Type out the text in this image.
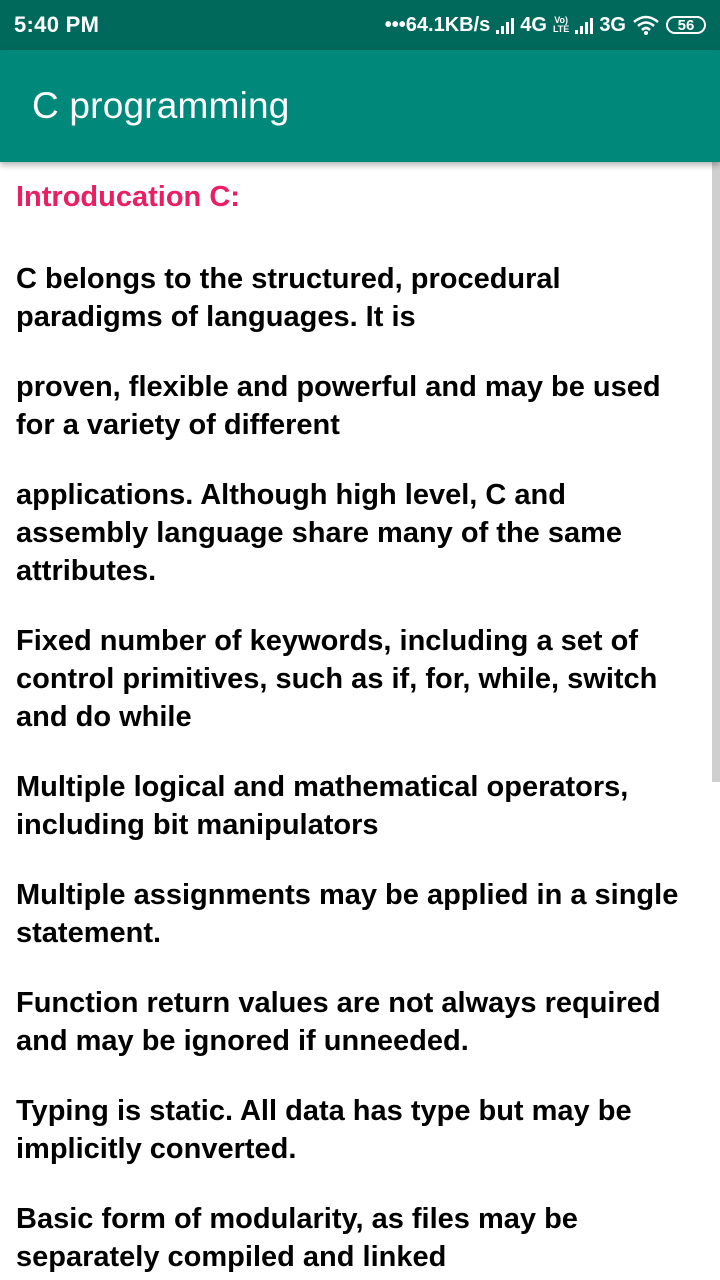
5:40 PM	•••64.1KB/s 4G Vo)
LTE 3G	56
C programming
Introducation C:

C belongs to the structured, procedural paradigms of languages. It is

proven, flexible and powerful and may be used for a variety of different

applications. Although high level, C and assembly language share many of the same attributes.

Fixed number of keywords, including a set of control primitives, such as if, for, while, switch and do while

Multiple logical and mathematical operators, including bit manipulators

Multiple assignments may be applied in a single statement.

Function return values are not always required and may be ignored if unneeded.

Typing is static. All data has type but may be implicitly converted.

Basic form of modularity, as files may be separately compiled and linked
